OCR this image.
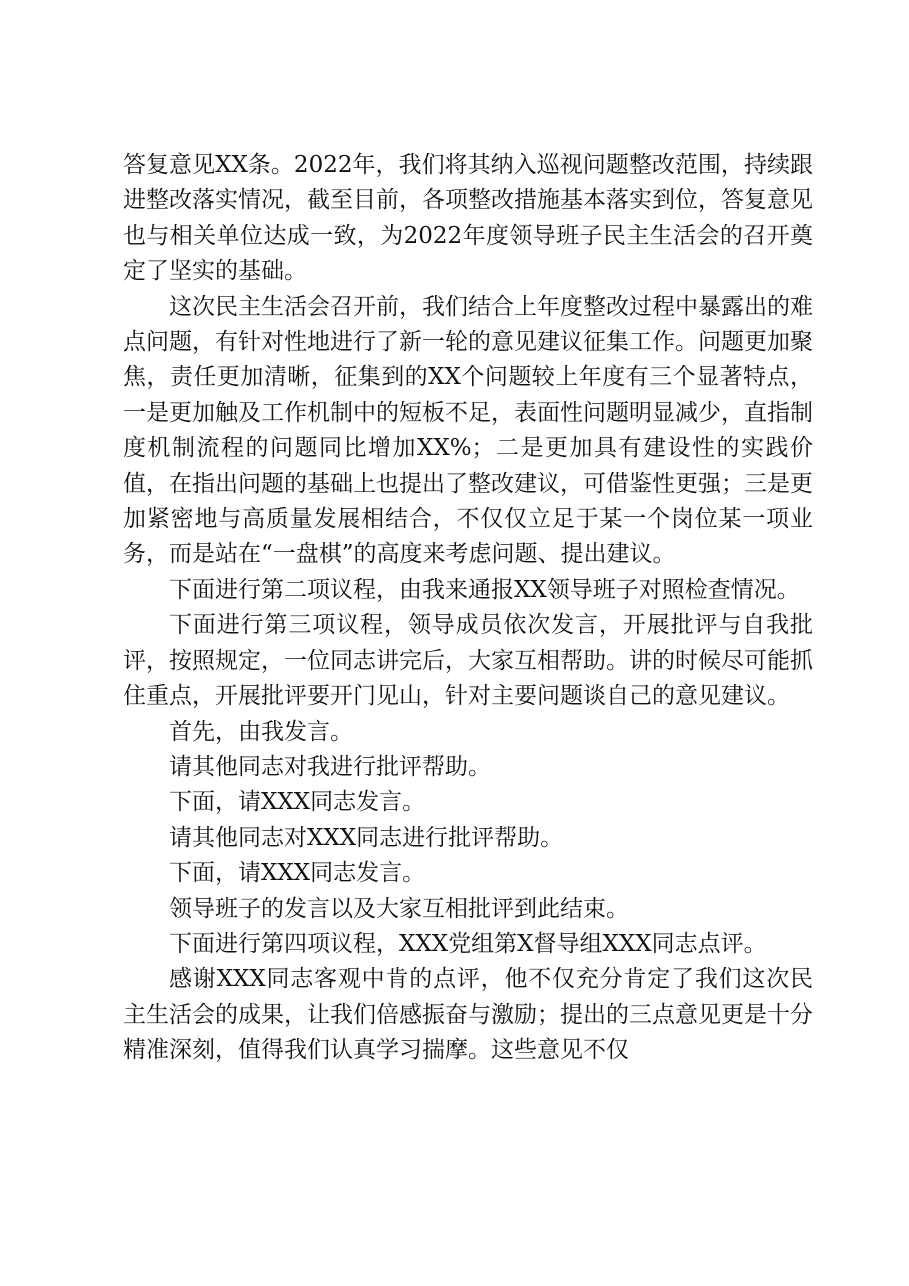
答复意见XX条。2022年，我们将其纳入巡视问题整改范围，持续跟进整改落实情况，截至目前，各项整改措施基本落实到位，答复意见也与相关单位达成一致，为2022年度领导班子民主生活会的召开奠定了坚实的基础。

这次民主生活会召开前，我们结合上年度整改过程中暴露出的难点问题，有针对性地进行了新一轮的意见建议征集工作。问题更加聚焦，责任更加清晰，征集到的XX个问题较上年度有三个显著特点，一是更加触及工作机制中的短板不足，表面性问题明显减少，直指制度机制流程的问题同比增加XX%；二是更加具有建设性的实践价值，在指出问题的基础上也提出了整改建议，可借鉴性更强；三是更加紧密地与高质量发展相结合，不仅仅立足于某一个岗位某一项业务，而是站在“一盘棋”的高度来考虑问题、提出建议。

下面进行第二项议程，由我来通报XX领导班子对照检查情况。

下面进行第三项议程，领导成员依次发言，开展批评与自我批评，按照规定，一位同志讲完后，大家互相帮助。讲的时候尽可能抓住重点，开展批评要开门见山，针对主要问题谈自己的意见建议。

首先，由我发言。

请其他同志对我进行批评帮助。

下面，请XXX同志发言。

请其他同志对XXX同志进行批评帮助。

下面，请XXX同志发言。

领导班子的发言以及大家互相批评到此结束。

下面进行第四项议程，XXX党组第X督导组XXX同志点评。

感谢XXX同志客观中肯的点评，他不仅充分肯定了我们这次民主生活会的成果，让我们倍感振奋与激励；提出的三点意见更是十分精准深刻，值得我们认真学习揣摩。这些意见不仅
